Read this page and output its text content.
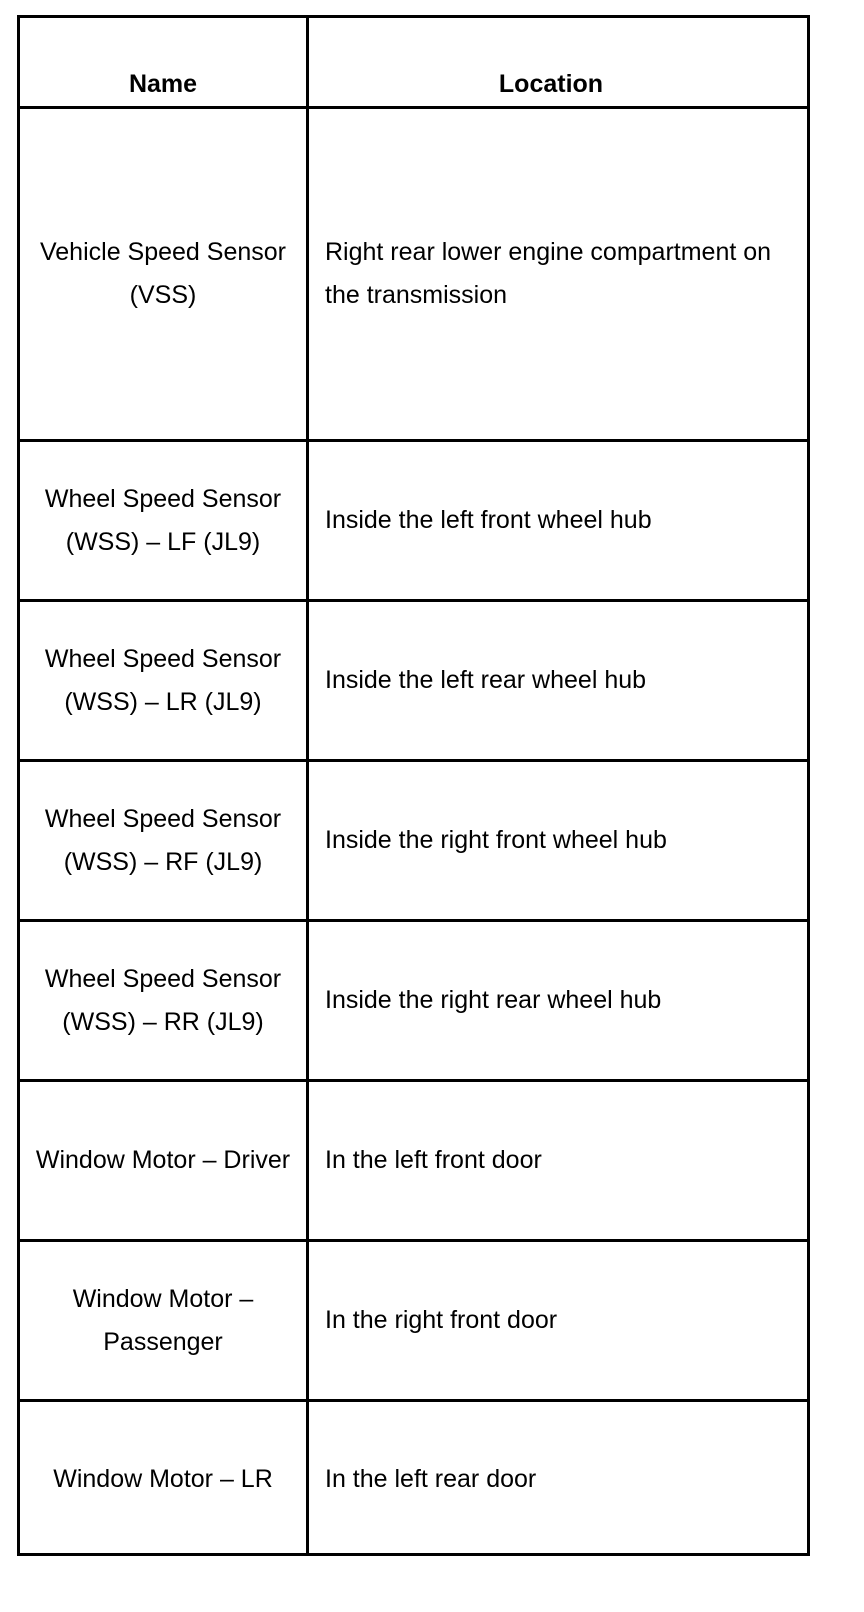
Name	Location
Vehicle Speed Sensor (VSS)
Right rear lower engine compartment on the transmission
Wheel Speed Sensor (WSS) – LF (JL9)
Inside the left front wheel hub
Wheel Speed Sensor (WSS) – LR (JL9)
Inside the left rear wheel hub
Wheel Speed Sensor (WSS) – RF (JL9)
Inside the right front wheel hub
Wheel Speed Sensor (WSS) – RR (JL9)
Inside the right rear wheel hub
Window Motor – Driver In the left front door
Window Motor – Passenger
In the right front door
Window Motor – LR In the left rear door
